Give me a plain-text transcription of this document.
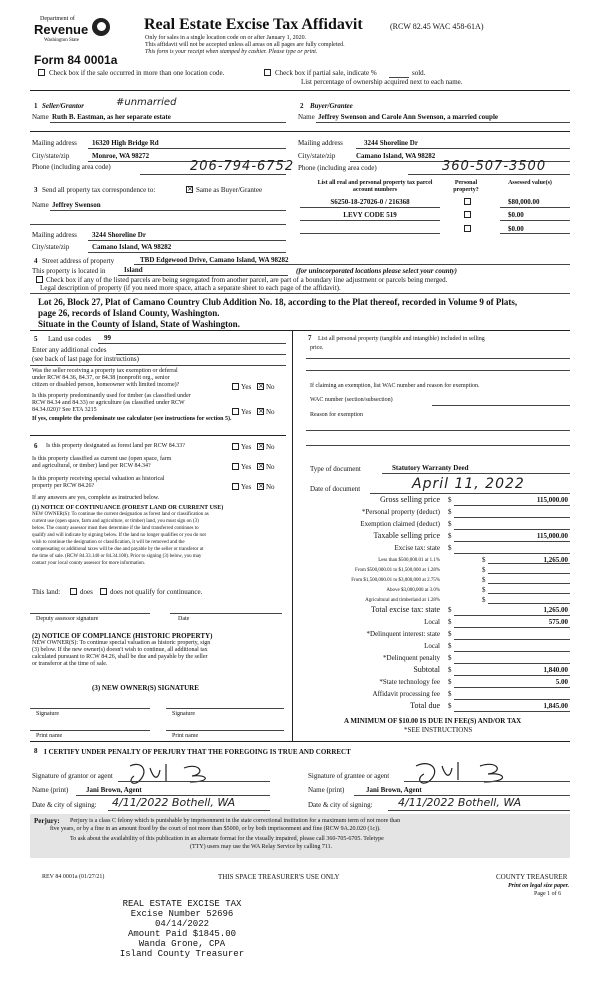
Department of
Revenue
Washington State
Form 84 0001a
Real Estate Excise Tax Affidavit	(RCW 82.45 WAC 458-61A)
Only for sales in a single location code on or after January 1, 2020.
This affidavit will not be accepted unless all areas on all pages are fully completed.
This form is your receipt when stamped by cashier. Please type or print.
Check box if the sale occurred in more than one location code.	Check box if partial sale, indicate %	sold.
List percentage of ownership acquired next to each name.
1 Seller/Grantor	#unmarried
Name Ruth B. Eastman, as her separate estate
2 Buyer/Grantee
Name Jeffrey Swenson and Carole Ann Swenson, a married couple
Mailing address 16320 High Bridge Rd
City/state/zip	Monroe, WA 98272
Phone (including area code)	206-794-6752
Mailing address	3244 Shoreline Dr
City/state/zip	Camano Island, WA 98282
Phone (including area code)	360-507-3500
3 Send all property tax correspondence to:	× Same as Buyer/Grantee
Name Jeffrey Swenson
Mailing address 3244 Shoreline Dr
City/state/zip	Camano Island, WA 98282
List all real and personal property tax parcel account numbers
Personal property?
Assessed value(s)
S6250-18-27026-0 / 216368	$80,000.00
LEVY CODE 519	$0.00
$0.00
4 Street address of property	TBD Edgewood Drive, Camano Island, WA 98282
This property is located in	Island	(for unincorporated locations please select your county)
Check box if any of the listed parcels are being segregated from another parcel, are part of a boundary line adjustment or parcels being merged.
Legal description of property (if you need more space, attach a separate sheet to each page of the affidavit).
Lot 26, Block 27, Plat of Camano Country Club Addition No. 18, according to the Plat thereof, recorded in Volume 9 of Plats,
page 26, records of Island County, Washington.
Situate in the County of Island, State of Washington.
5 Land use codes 99
Enter any additional codes
(see back of last page for instructions)
Was the seller receiving a property tax exemption or deferral
under RCW 84.36, 84.37, or 84.38 (nonprofit org., senior
citizen or disabled person, homeowner with limited income)?	Yes × No
Is this property predominantly used for timber (as classified under
RCW 84.34 and 84.33) or agriculture (as classified under RCW
84.34.020)? See ETA 3215	Yes × No
If yes, complete the predominate use calculator (see instructions for section 5).
6 Is this property designated as forest land per RCW 84.33?	Yes × No
Is this property classified as current use (open space, farm
and agricultural, or timber) land per RCW 84.34?	Yes × No
Is this property receiving special valuation as historical
property per RCW 84.26?	Yes × No
If any answers are yes, complete as instructed below.
(1) NOTICE OF CONTINUANCE (FOREST LAND OR CURRENT USE)
NEW OWNER(S): To continue the current designation as forest land or classification as
current use (open space, farm and agriculture, or timber) land, you must sign on (3)
below. The county assessor must then determine if the land transferred continues to
qualify and will indicate by signing below. If the land no longer qualifies or you do not
wish to continue the designation or classification, it will be removed and the
compensating or additional taxes will be due and payable by the seller or transferor at
the time of sale. (RCW 84.33.140 or 84.34.108). Prior to signing (3) below, you may
contact your local county assessor for more information.
This land:	does does not qualify for continuance.
Deputy assessor signature	Date
(2) NOTICE OF COMPLIANCE (HISTORIC PROPERTY)
NEW OWNER(S): To continue special valuation as historic property, sign
(3) below. If the new owner(s) doesn't wish to continue, all additional tax
calculated pursuant to RCW 84.26, shall be due and payable by the seller
or transferor at the time of sale.
(3) NEW OWNER(S) SIGNATURE
Signature	Signature
Print name	Print name
7 List all personal property (tangible and intangible) included in selling
price.
If claiming an exemption, list WAC number and reason for exemption.
WAC number (section/subsection)
Reason for exemption
Type of document	Statutory Warranty Deed
Date of document	April 11, 2022
Gross selling price $	115,000.00
*Personal property (deduct) $
Exemption claimed (deduct) $
Taxable selling price $	115,000.00
Excise tax: state $
Less than $500,000.01 at 1.1%	$	1,265.00
From $500,000.01 to $1,500,000 at 1.28%	$
From $1,500,000.01 to $3,000,000 at 2.75%	$
Above $3,000,000 at 3.0%	$
Agricultural and timberland at 1.28%	$
Total excise tax: state $	1,265.00
Local $	575.00
*Delinquent interest: state $
Local $
*Delinquent penalty $
Subtotal $	1,840.00
*State technology fee $	5.00
Affidavit processing fee $
Total due $	1,845.00
A MINIMUM OF $10.00 IS DUE IN FEE(S) AND/OR TAX
*SEE INSTRUCTIONS
8 I CERTIFY UNDER PENALTY OF PERJURY THAT THE FOREGOING IS TRUE AND CORRECT
Signature of grantor or agent
Name (print)	Jani Brown, Agent
Date & city of signing: 4/11/2022 Bothell, WA
Signature of grantee or agent
Name (print)	Jani Brown, Agent
Date & city of signing: 4/11/2022 Bothell, WA
Perjury: Perjury is a class C felony which is punishable by imprisonment in the state correctional institution for a maximum term of not more than
five years, or by a fine in an amount fixed by the court of not more than $5000, or by both imprisonment and fine (RCW 9A.20.020 (1c)).
To ask about the availability of this publication in an alternate format for the visually impaired, please call 360-705-6705. Teletype
(TTY) users may use the WA Relay Service by calling 711.
REV 84 0001a (01/27/21)	THIS SPACE TREASURER'S USE ONLY	COUNTY TREASURER
Print on legal size paper.
Page 1 of 6
REAL ESTATE EXCISE TAX
Excise Number 52696
04/14/2022
Amount Paid $1845.00
Wanda Grone, CPA
Island County Treasurer
